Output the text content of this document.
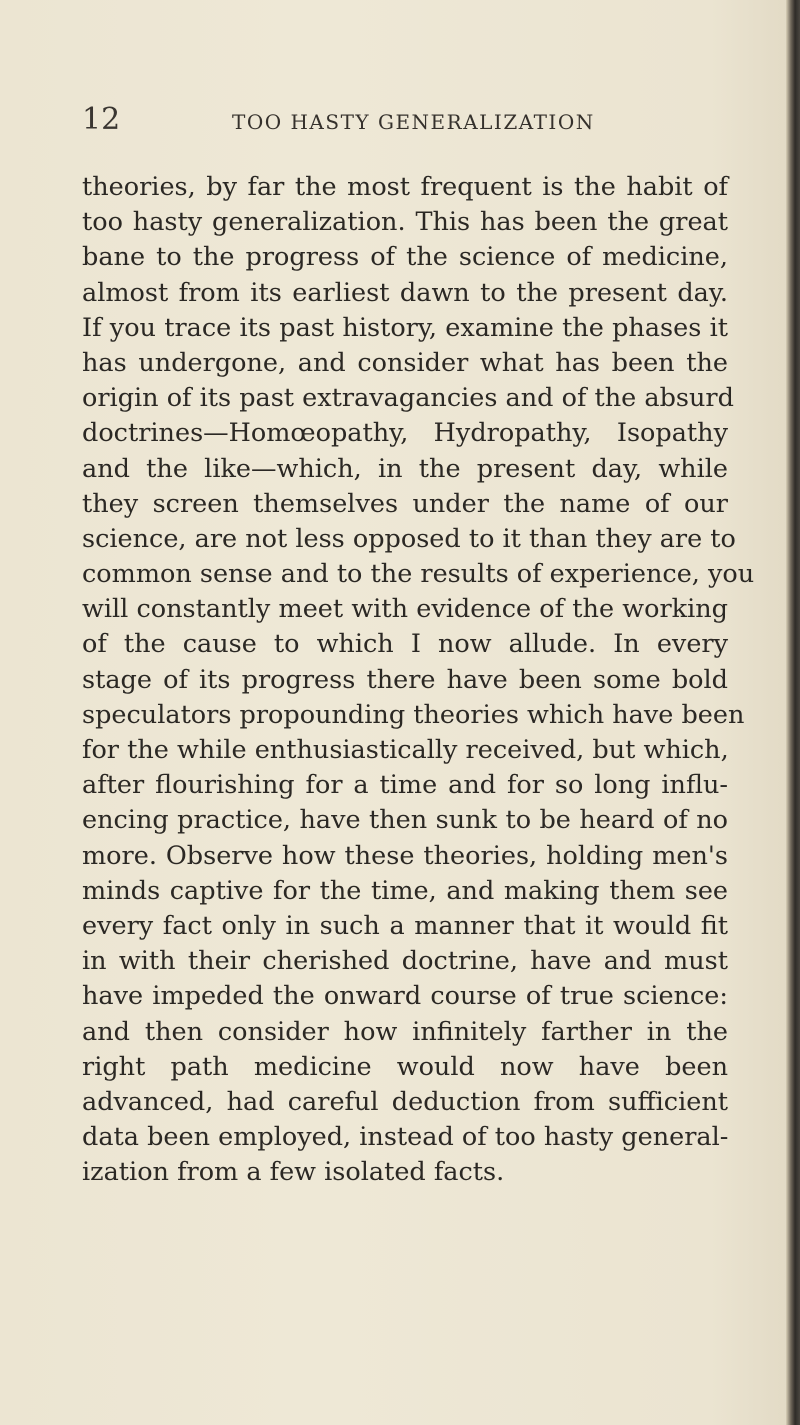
12	TOO HASTY GENERALIZATION
theories, by far the most frequent is the habit of
too hasty generalization. This has been the great
bane to the progress of the science of medicine,
almost from its earliest dawn to the present day.
If you trace its past history, examine the phases it
has undergone, and consider what has been the
origin of its past extravagancies and of the absurd
doctrines—Homœopathy, Hydropathy, Isopathy
and the like—which, in the present day, while
they screen themselves under the name of our
science, are not less opposed to it than they are to
common sense and to the results of experience, you
will constantly meet with evidence of the working
of the cause to which I now allude. In every
stage of its progress there have been some bold
speculators propounding theories which have been
for the while enthusiastically received, but which,
after flourishing for a time and for so long influ-
encing practice, have then sunk to be heard of no
more. Observe how these theories, holding men's
minds captive for the time, and making them see
every fact only in such a manner that it would fit
in with their cherished doctrine, have and must
have impeded the onward course of true science:
and then consider how infinitely farther in the
right path medicine would now have been
advanced, had careful deduction from sufficient
data been employed, instead of too hasty general-
ization from a few isolated facts.
